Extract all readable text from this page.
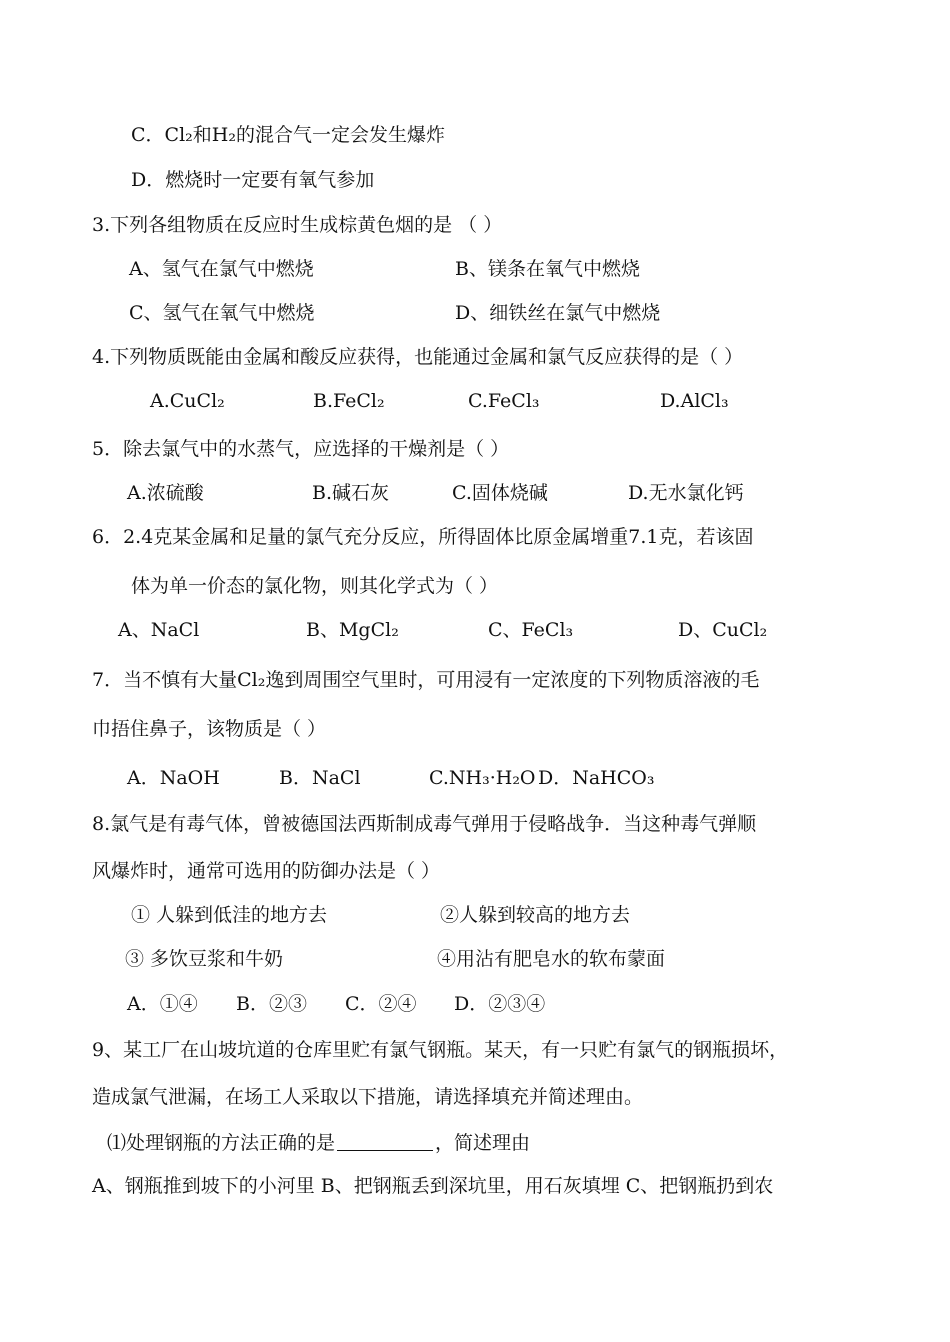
C．Cl₂和H₂的混合气一定会发生爆炸
D．燃烧时一定要有氧气参加
3.下列各组物质在反应时生成棕黄色烟的是 （ ）
A、氢气在氯气中燃烧	B、镁条在氧气中燃烧
C、氢气在氧气中燃烧	D、细铁丝在氯气中燃烧
4.下列物质既能由金属和酸反应获得，也能通过金属和氯气反应获得的是（ ）
A.CuCl₂	B.FeCl₂	C.FeCl₃	D.AlCl₃
5．除去氯气中的水蒸气，应选择的干燥剂是（ ）
A.浓硫酸	B.碱石灰	C.固体烧碱	D.无水氯化钙
6．2.4克某金属和足量的氯气充分反应，所得固体比原金属增重7.1克，若该固
体为单一价态的氯化物，则其化学式为（ ）
A、NaCl	B、MgCl₂	C、FeCl₃	D、CuCl₂
7．当不慎有大量Cl₂逸到周围空气里时，可用浸有一定浓度的下列物质溶液的毛
巾捂住鼻子，该物质是（ ）
A．NaOH	B．NaCl	C.NH₃·H₂O D．NaHCO₃
8.氯气是有毒气体，曾被德国法西斯制成毒气弹用于侵略战争．当这种毒气弹顺
风爆炸时，通常可选用的防御办法是（ ）
① 人躲到低洼的地方去	②人躲到较高的地方去
③ 多饮豆浆和牛奶	④用沾有肥皂水的软布蒙面
A．①④ B．②③ C．②④ D．②③④
9、某工厂在山坡坑道的仓库里贮有氯气钢瓶。某天，有一只贮有氯气的钢瓶损坏，
造成氯气泄漏，在场工人采取以下措施，请选择填充并简述理由。
⑴处理钢瓶的方法正确的是	，简述理由
A、钢瓶推到坡下的小河里 B、把钢瓶丢到深坑里，用石灰填埋 C、把钢瓶扔到农
